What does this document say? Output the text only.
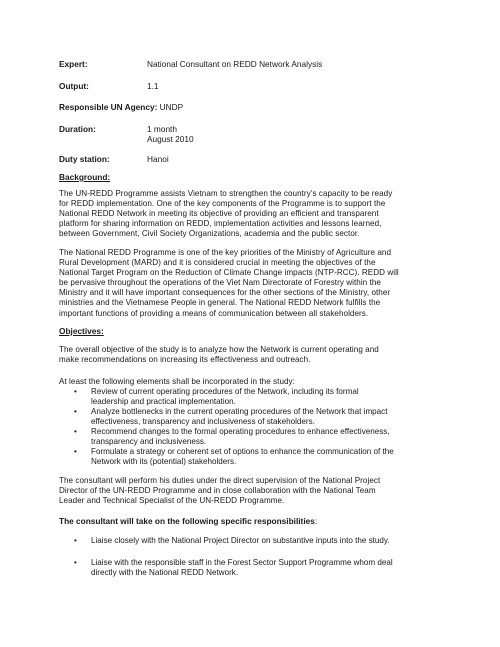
Expert:	National Consultant on REDD Network Analysis
Output:	1.1
Responsible UN Agency: UNDP
Duration:	1 month
August 2010
Duty station:	Hanoi
Background:
The UN-REDD Programme assists Vietnam to strengthen the country’s capacity to be ready
for REDD implementation. One of the key components of the Programme is to support the
National REDD Network in meeting its objective of providing an efficient and transparent
platform for sharing information on REDD, implementation activities and lessons learned,
between Government, Civil Society Organizations, academia and the public sector.
The National REDD Programme is one of the key priorities of the Ministry of Agriculture and
Rural Development (MARD) and it is considered crucial in meeting the objectives of the
National Target Program on the Reduction of Climate Change impacts (NTP-RCC). REDD will
be pervasive throughout the operations of the Viet Nam Directorate of Forestry within the
Ministry and it will have important consequences for the other sections of the Ministry, other
ministries and the Vietnamese People in general. The National REDD Network fulfills the
important functions of providing a means of communication between all stakeholders.
Objectives:
The overall objective of the study is to analyze how the Network is current operating and
make recommendations on increasing its effectiveness and outreach.
At least the following elements shall be incorporated in the study:
• Review of current operating procedures of the Network, including its formal
leadership and practical implementation.
• Analyze bottlenecks in the current operating procedures of the Network that impact
effectiveness, transparency and inclusiveness of stakeholders.
• Recommend changes to the formal operating procedures to enhance effectiveness,
transparency and inclusiveness.
• Formulate a strategy or coherent set of options to enhance the communication of the
Network with its (potential) stakeholders.
The consultant will perform his duties under the direct supervision of the National Project
Director of the UN-REDD Programme and in close collaboration with the National Team
Leader and Technical Specialist of the UN-REDD Programme.
The consultant will take on the following specific responsibilities:
• Liaise closely with the National Project Director on substantive inputs into the study.
• Liaise with the responsible staff in the Forest Sector Support Programme whom deal
directly with the National REDD Network.
